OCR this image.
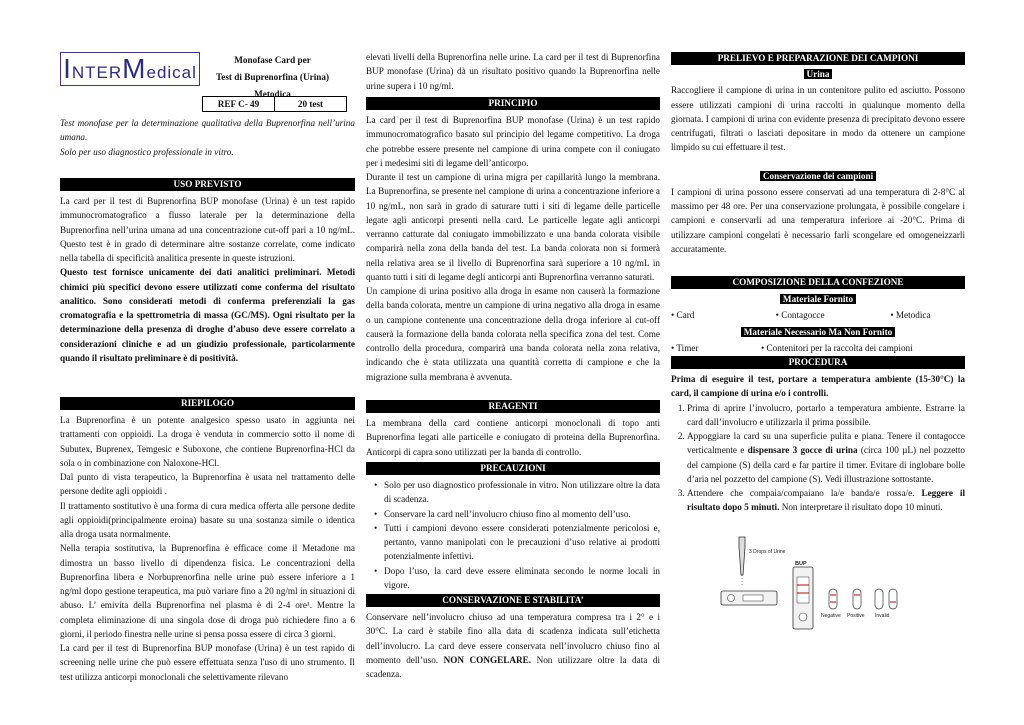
INTERMedical
Monofase Card per
Test di Buprenorfina (Urina)
Metodica
REF C- 49	20 test

Test monofase per la determinazione qualitativa della Buprenorfina nell’urina umana.

Solo per uso diagnostico professionale in vitro.

USO PREVISTO

La card per il test di Buprenorfina BUP monofase (Urina) è un test rapido immunocromatografico a flusso laterale per la determinazione della Buprenorfina nell’urina umana ad una concentrazione cut-off pari a 10 ng/mL. Questo test è in grado di determinare altre sostanze correlate, come indicato nella tabella di specificità analitica presente in queste istruzioni.

Questo test fornisce unicamente dei dati analitici preliminari. Metodi chimici più specifici devono essere utilizzati come conferma del risultato analitico. Sono considerati metodi di conferma preferenziali la gas cromatografia e la spettrometria di massa (GC/MS). Ogni risultato per la determinazione della presenza di droghe d’abuso deve essere correlato a considerazioni cliniche e ad un giudizio professionale, particolarmente quando il risultato preliminare è di positività.

RIEPILOGO

La Buprenorfina è un potente analgesico spesso usato in aggiunta nei trattamenti con oppioidi. La droga è venduta in commercio sotto il nome di Subutex, Buprenex, Temgesic e Suboxone, che contiene Buprenorfina-HCl da sola o in combinazione con Naloxone-HCl.

Dal punto di vista terapeutico, la Buprenorfina è usata nel trattamento delle persone dedite agli oppioidi .

Il trattamento sostitutivo è una forma di cura medica offerta alle persone dedite agli oppioidi(principalmente eroina) basate su una sostanza simile o identica alla droga usata normalmente.

Nella terapia sostitutiva, la Buprenorfina è efficace come il Metadone ma dimostra un basso livello di dipendenza fisica. Le concentrazioni della Buprenorfina libera e Norbuprenorfina nelle urine può essere inferiore a 1 ng/ml dopo gestione terapeutica, ma può variare fino a 20 ng/ml in situazioni di abuso. L’ emivita della Buprenorfina nel plasma è di 2-4 ore¹. Mentre la completa eliminazione di una singola dose di droga può richiedere fino a 6 giorni, il periodo finestra nelle urine si pensa possa essere di circa 3 giorni.

La card per il test di Buprenorfina BUP monofase (Urina) è un test rapido di screening nelle urine che può essere effettuata senza l'uso di uno strumento. Il test utilizza anticorpi monoclonali che selettivamente rilevano

elevati livelli della Buprenorfina nelle urine. La card per il test di Buprenorfina BUP monofase (Urina) dà un risultato positivo quando la Buprenorfina nelle urine supera i 10 ng/ml.

PRINCIPIO

La card per il test di Buprenorfina BUP monofase (Urina) è un test rapido immunocromatografico basato sul principio del legame competitivo. La droga che potrebbe essere presente nel campione di urina compete con il coniugato per i medesimi siti di legame dell’anticorpo.

Durante il test un campione di urina migra per capillarità lungo la membrana. La Buprenorfina, se presente nel campione di urina a concentrazione inferiore a 10 ng/mL, non sarà in grado di saturare tutti i siti di legame delle particelle legate agli anticorpi presenti nella card. Le particelle legate agli anticorpi verranno catturate dal coniugato immobilizzato e una banda colorata visibile comparirà nella zona della banda del test. La banda colorata non si formerà nella relativa area se il livello di Buprenorfina sarà superiore a 10 ng/mL in quanto tutti i siti di legame degli anticorpi anti Buprenorfina verranno saturati.

Un campione di urina positivo alla droga in esame non causerà la formazione della banda colorata, mentre un campione di urina negativo alla droga in esame o un campione contenente una concentrazione della droga inferiore al cut-off causerà la formazione della banda colorata nella specifica zona del test. Come controllo della procedura, comparirà una banda colorata nella zona relativa, indicando che è stata utilizzata una quantità corretta di campione e che la migrazione sulla membrana è avvenuta.

REAGENTI

La membrana della card contiene anticorpi monoclonali di topo anti Buprenorfina legati alle particelle e coniugato di proteina della Buprenorfina. Anticorpi di capra sono utilizzati per la banda di controllo.

PRECAUZIONI
• Solo per uso diagnostico professionale in vitro. Non utilizzare oltre la data di scadenza.
• Conservare la card nell’involucro chiuso fino al momento dell’uso.
• Tutti i campioni devono essere considerati potenzialmente pericolosi e, pertanto, vanno manipolati con le precauzioni d’uso relative ai prodotti potenzialmente infettivi.
• Dopo l’uso, la card deve essere eliminata secondo le norme locali in vigore.
CONSERVAZIONE E STABILITA’

Conservare nell’involucro chiuso ad una temperatura compresa tra i 2° e i 30°C. La card è stabile fino alla data di scadenza indicata sull’etichetta dell’involucro. La card deve essere conservata nell’involucro chiuso fino al momento dell’uso. NON CONGELARE. Non utilizzare oltre la data di scadenza.

PRELIEVO E PREPARAZIONE DEI CAMPIONI
Urina

Raccogliere il campione di urina in un contenitore pulito ed asciutto. Possono essere utilizzati campioni di urina raccolti in qualunque momento della giornata. I campioni di urina con evidente presenza di precipitato devono essere centrifugati, filtrati o lasciati depositare in modo da ottenere un campione limpido su cui effettuare il test.

Conservazione dei campioni

I campioni di urina possono essere conservati ad una temperatura di 2-8°C al massimo per 48 ore. Per una conservazione prolungata, è possibile congelare i campioni e conservarli ad una temperatura inferiore ai -20°C. Prima di utilizzare campioni congelati è necessario farli scongelare ed omogeneizzarli accuratamente.

COMPOSIZIONE DELLA CONFEZIONE
Materiale Fornito
• Card	• Contagocce	• Metodica
Materiale Necessario Ma Non Fornito
• Timer	• Contenitori per la raccolta dei campioni
PROCEDURA

Prima di eseguire il test, portare a temperatura ambiente (15-30°C) la card, il campione di urina e/o i controlli.

1. Prima di aprire l’involucro, portarlo a temperatura ambiente. Estrarre la card dall’involucro e utilizzarla il prima possibile.
2. Appoggiare la card su una superficie pulita e piana. Tenere il contagocce verticalmente e dispensare 3 gocce di urina (circa 100 µL) nel pozzetto del campione (S) della card e far partire il timer. Evitare di inglobare bolle d’aria nel pozzetto del campione (S). Vedi illustrazione sottostante.
3. Attendere che compaia/compaiano la/e banda/e rossa/e. Leggere il risultato dopo 5 minuti. Non interpretare il risultato dopo 10 minuti.
3 Drops of Urine
BUP
Negative Positive Invalid
